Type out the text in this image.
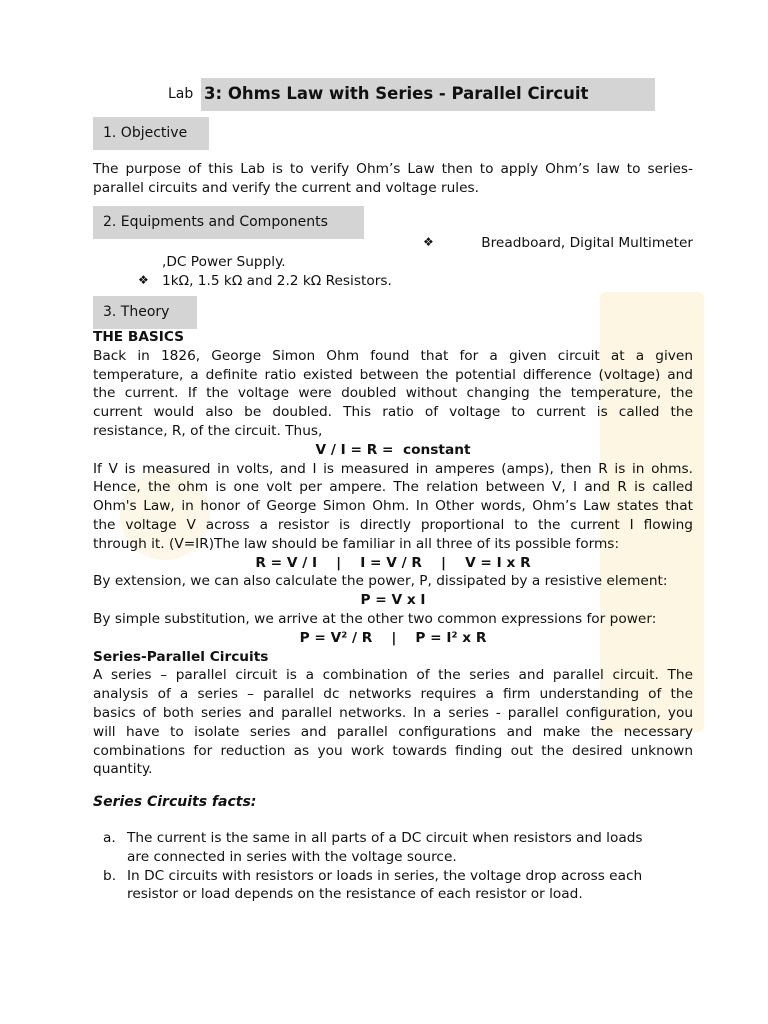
Lab 3: Ohms Law with Series - Parallel Circuit
1. Objective
The purpose of this Lab is to verify Ohm’s Law then to apply Ohm’s law to series-
parallel circuits and verify the current and voltage rules.
2. Equipments and Components
❖	Breadboard, Digital Multimeter
,DC Power Supply.
❖ 1kΩ, 1.5 kΩ and 2.2 kΩ Resistors.
3. Theory
THE BASICS
Back in 1826, George Simon Ohm found that for a given circuit at a given
temperature, a definite ratio existed between the potential difference (voltage) and
the current. If the voltage were doubled without changing the temperature, the
current would also be doubled. This ratio of voltage to current is called the
resistance, R, of the circuit. Thus,
V / I = R =  constant
If V is measured in volts, and I is measured in amperes (amps), then R is in ohms.
Hence, the ohm is one volt per ampere. The relation between V, I and R is called
Ohm's Law, in honor of George Simon Ohm. In Other words, Ohm’s Law states that
the voltage V across a resistor is directly proportional to the current I flowing
through it. (V=IR)The law should be familiar in all three of its possible forms:
R = V / I    |    I = V / R    |    V = I x R
By extension, we can also calculate the power, P, dissipated by a resistive element:
P = V x I
By simple substitution, we arrive at the other two common expressions for power:
P = V² / R    |    P = I² x R
Series-Parallel Circuits
A series – parallel circuit is a combination of the series and parallel circuit. The
analysis of a series – parallel dc networks requires a firm understanding of the
basics of both series and parallel networks. In a series - parallel configuration, you
will have to isolate series and parallel configurations and make the necessary
combinations for reduction as you work towards finding out the desired unknown
quantity.
Series Circuits facts:
a. The current is the same in all parts of a DC circuit when resistors and loads
are connected in series with the voltage source.
b. In DC circuits with resistors or loads in series, the voltage drop across each
resistor or load depends on the resistance of each resistor or load.
